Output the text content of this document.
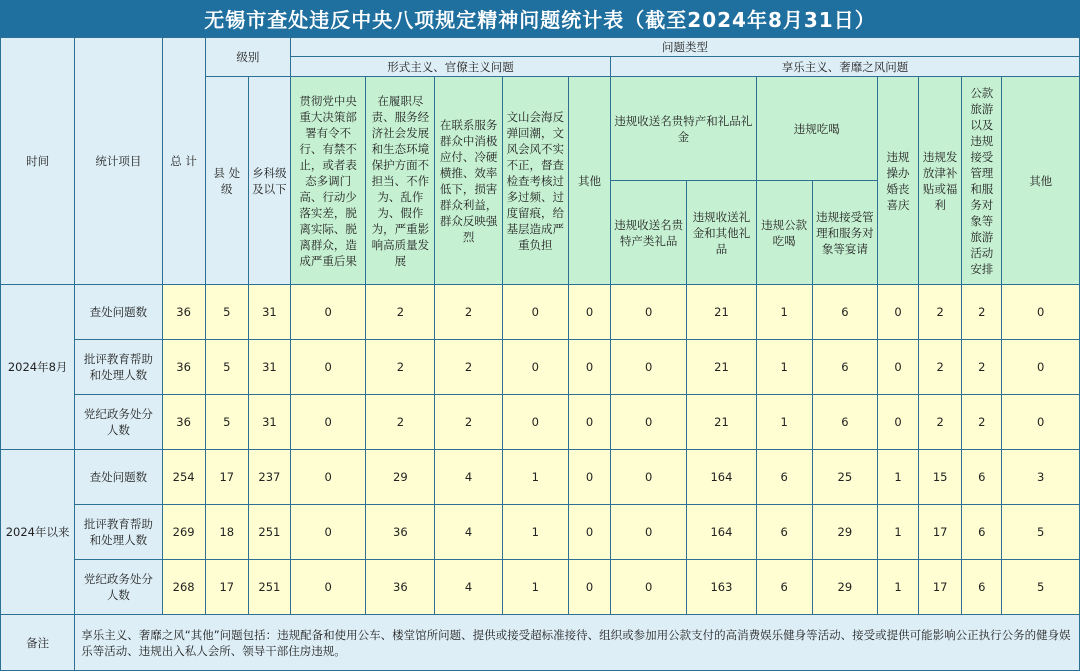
无锡市查处违反中央八项规定精神问题统计表（截至2024年8月31日）
时间	统计项目	总 计	级别		问题类型												
					形式主义、官僚主义问题					享乐主义、奢靡之风问题							
			县 处级	乡科级及以下	贯彻党中央重大决策部署有令不行、有禁不止，或者表态多调门高、行动少落实差，脱离实际、脱离群众，造成严重后果	在履职尽责、服务经济社会发展和生态环境保护方面不担当、不作为、乱作为、假作为，严重影响高质量发展	在联系服务群众中消极应付、冷硬横推、效率低下，损害群众利益，群众反映强烈	文山会海反弹回潮，文风会风不实不正，督查检查考核过多过频、过度留痕，给基层造成严重负担	其他	违规收送名贵特产和礼品礼金		违规吃喝		违规操办婚丧喜庆	违规发放津补贴或福利	公款旅游以及违规接受管理和服务对象等旅游活动安排	其他

										违规收送名贵特产类礼品	违规收送礼金和其他礼品	违规公款吃喝	违规接受管理和服务对象等宴请				
2024年8月	查处问题数	36	5	31	0	2	2	0	0	0	21	1	6	0	2	2	0
	批评教育帮助和处理人数	36	5	31	0	2	2	0	0	0	21	1	6	0	2	2	0
	党纪政务处分人数	36	5	31	0	2	2	0	0	0	21	1	6	0	2	2	0
2024年以来	查处问题数	254	17	237	0	29	4	1	0	0	164	6	25	1	15	6	3
	批评教育帮助和处理人数	269	18	251	0	36	4	1	0	0	164	6	29	1	17	6	5
	党纪政务处分人数	268	17	251	0	36	4	1	0	0	163	6	29	1	17	6	5
备注	享乐主义、奢靡之风“其他”问题包括：违规配备和使用公车、楼堂馆所问题、提供或接受超标准接待、组织或参加用公款支付的高消费娱乐健身等活动、接受或提供可能影响公正执行公务的健身娱乐等活动、违规出入私人会所、领导干部住房违规。																
